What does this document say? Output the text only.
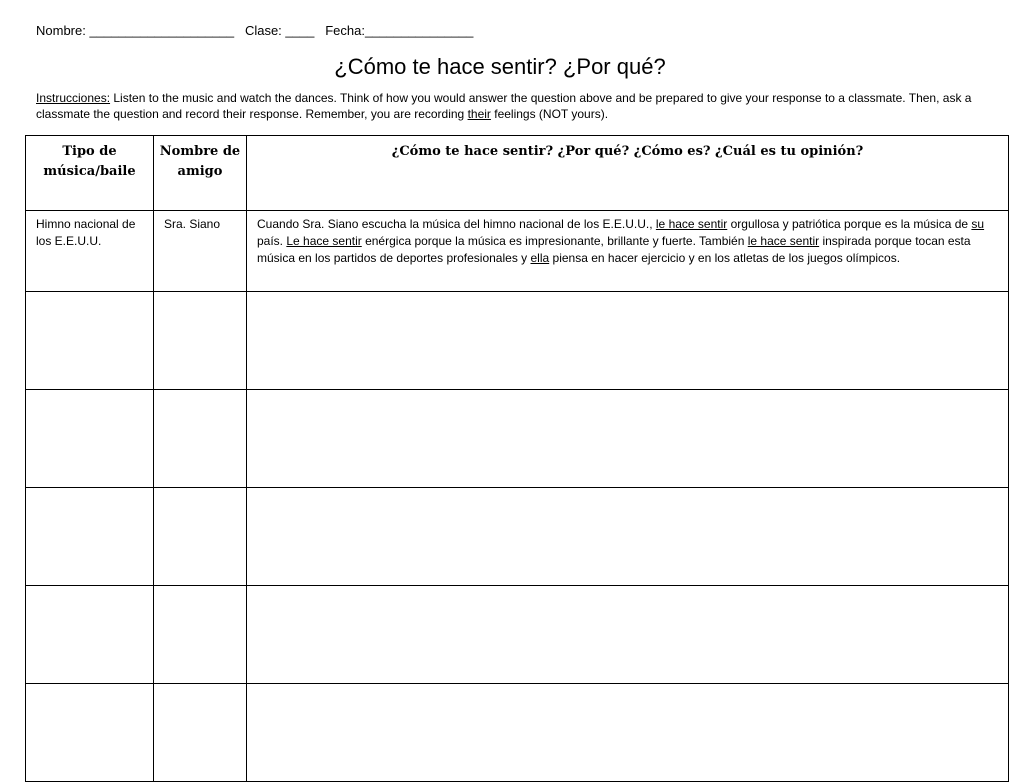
Nombre: ____________________ Clase: ____ Fecha:_______________
¿Cómo te hace sentir? ¿Por qué?
Instrucciones: Listen to the music and watch the dances. Think of how you would answer the question above and be prepared to give your response to a classmate. Then, ask a classmate the question and record their response. Remember, you are recording their feelings (NOT yours).
Tipo de música/baile	Nombre de amigo	¿Cómo te hace sentir? ¿Por qué? ¿Cómo es? ¿Cuál es tu opinión?
Himno nacional de los E.E.U.U.	Sra. Siano	Cuando Sra. Siano escucha la música del himno nacional de los E.E.U.U., le hace sentir orgullosa y patriótica porque es la música de su país. Le hace sentir enérgica porque la música es impresionante, brillante y fuerte. También le hace sentir inspirada porque tocan esta música en los partidos de deportes profesionales y ella piensa en hacer ejercicio y en los atletas de los juegos olímpicos.
